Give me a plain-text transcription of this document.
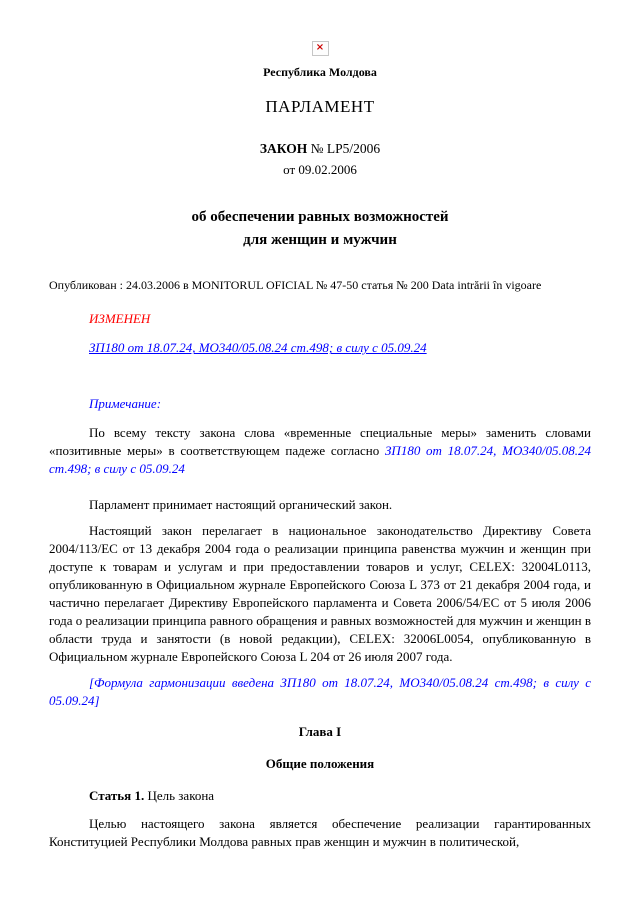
×
Республика Молдова
ПАРЛАМЕНТ
ЗАКОН № LP5/2006
от 09.02.2006
об обеспечении равных возможностей
для женщин и мужчин
Опубликован : 24.03.2006 в MONITORUL OFICIAL № 47-50 статья № 200 Data intrării în vigoare
ИЗМЕНЕН
ЗП180 от 18.07.24, МО340/05.08.24 ст.498; в силу с 05.09.24
Примечание:
По всему тексту закона слова «временные специальные меры» заменить словами «позитивные меры» в соответствующем падеже согласно ЗП180 от 18.07.24, МО340/05.08.24 ст.498; в силу с 05.09.24
Парламент принимает настоящий органический закон.
Настоящий закон перелагает в национальное законодательство Директиву Совета 2004/113/ЕС от 13 декабря 2004 года о реализации принципа равенства мужчин и женщин при доступе к товарам и услугам и при предоставлении товаров и услуг, CELEX: 32004L0113, опубликованную в Официальном журнале Европейского Союза L 373 от 21 декабря 2004 года, и частично перелагает Директиву Европейского парламента и Совета 2006/54/ЕС от 5 июля 2006 года о реализации принципа равного обращения и равных возможностей для мужчин и женщин в области труда и занятости (в новой редакции), CELEX: 32006L0054, опубликованную в Официальном журнале Европейского Союза L 204 от 26 июля 2007 года.
[Формула гармонизации введена ЗП180 от 18.07.24, МО340/05.08.24 ст.498; в силу с 05.09.24]
Глава I
Общие положения
Статья 1. Цель закона
Целью настоящего закона является обеспечение реализации гарантированных Конституцией Республики Молдова равных прав женщин и мужчин в политической,
